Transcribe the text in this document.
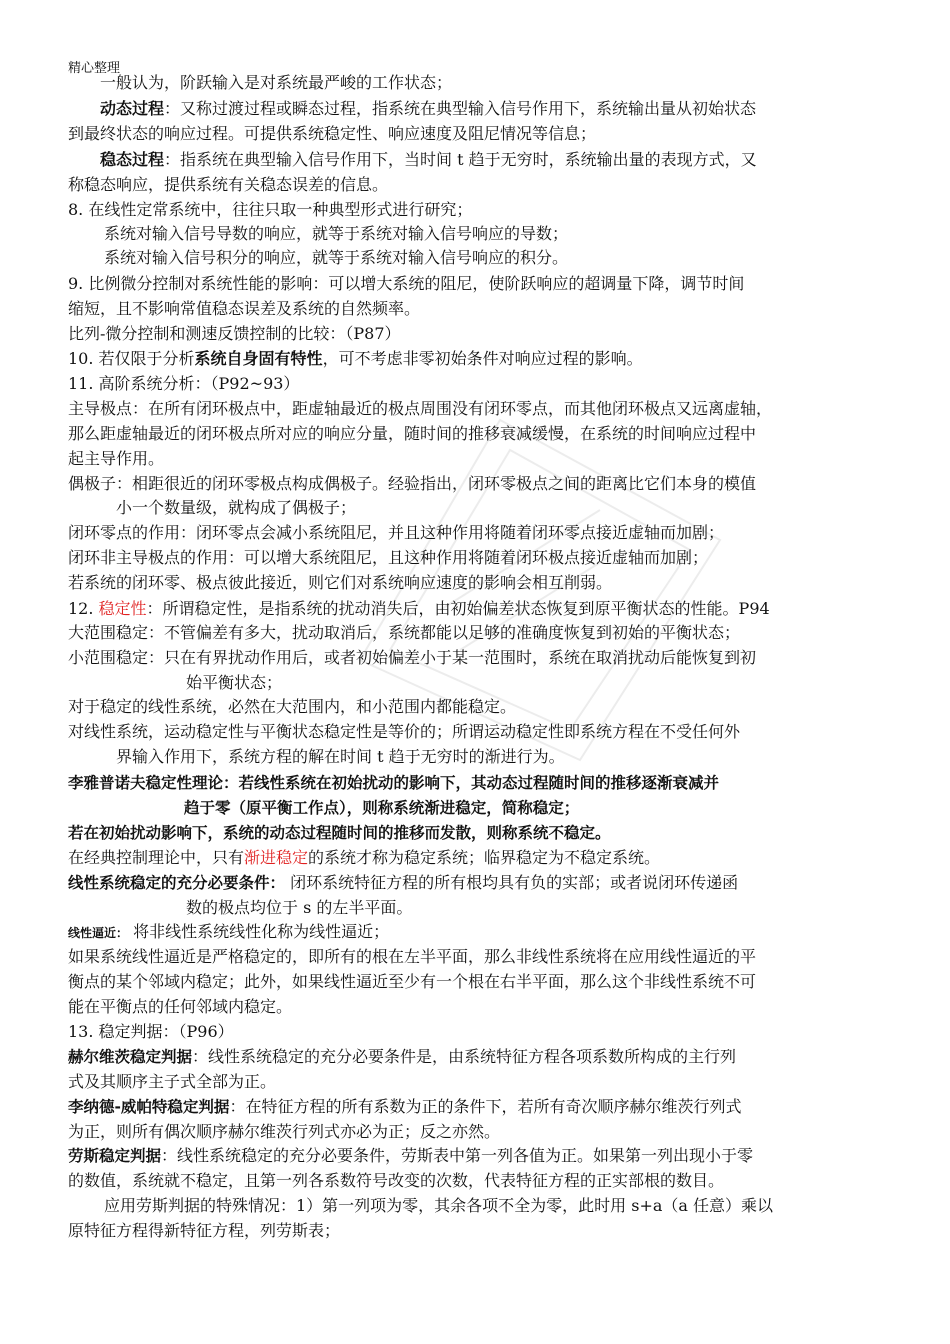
精心整理
一般认为，阶跃输入是对系统最严峻的工作状态；
动态过程：又称过渡过程或瞬态过程，指系统在典型输入信号作用下，系统输出量从初始状态
到最终状态的响应过程。可提供系统稳定性、响应速度及阻尼情况等信息；
稳态过程：指系统在典型输入信号作用下，当时间 t 趋于无穷时，系统输出量的表现方式，又
称稳态响应，提供系统有关稳态误差的信息。
8. 在线性定常系统中，往往只取一种典型形式进行研究；
系统对输入信号导数的响应，就等于系统对输入信号响应的导数；
系统对输入信号积分的响应，就等于系统对输入信号响应的积分。
9. 比例微分控制对系统性能的影响：可以增大系统的阻尼，使阶跃响应的超调量下降，调节时间
缩短，且不影响常值稳态误差及系统的自然频率。
比列-微分控制和测速反馈控制的比较：（P87）
10. 若仅限于分析系统自身固有特性，可不考虑非零初始条件对响应过程的影响。
11. 高阶系统分析：（P92~93）
主导极点：在所有闭环极点中，距虚轴最近的极点周围没有闭环零点，而其他闭环极点又远离虚轴，
那么距虚轴最近的闭环极点所对应的响应分量，随时间的推移衰减缓慢，在系统的时间响应过程中
起主导作用。
偶极子：相距很近的闭环零极点构成偶极子。经验指出，闭环零极点之间的距离比它们本身的模值
小一个数量级，就构成了偶极子；
闭环零点的作用：闭环零点会减小系统阻尼，并且这种作用将随着闭环零点接近虚轴而加剧；
闭环非主导极点的作用：可以增大系统阻尼，且这种作用将随着闭环极点接近虚轴而加剧；
若系统的闭环零、极点彼此接近，则它们对系统响应速度的影响会相互削弱。
12. 稳定性：所谓稳定性，是指系统的扰动消失后，由初始偏差状态恢复到原平衡状态的性能。P94
大范围稳定：不管偏差有多大，扰动取消后，系统都能以足够的准确度恢复到初始的平衡状态；
小范围稳定：只在有界扰动作用后，或者初始偏差小于某一范围时，系统在取消扰动后能恢复到初
始平衡状态；
对于稳定的线性系统，必然在大范围内，和小范围内都能稳定。
对线性系统，运动稳定性与平衡状态稳定性是等价的；所谓运动稳定性即系统方程在不受任何外
界输入作用下，系统方程的解在时间 t 趋于无穷时的渐进行为。
李雅普诺夫稳定性理论：若线性系统在初始扰动的影响下，其动态过程随时间的推移逐渐衰减并
趋于零（原平衡工作点），则称系统渐进稳定，简称稳定；
若在初始扰动影响下，系统的动态过程随时间的推移而发散，则称系统不稳定。
在经典控制理论中，只有渐进稳定的系统才称为稳定系统；临界稳定为不稳定系统。
线性系统稳定的充分必要条件： 闭环系统特征方程的所有根均具有负的实部；或者说闭环传递函
数的极点均位于 s 的左半平面。
线性逼近： 将非线性系统线性化称为线性逼近；
如果系统线性逼近是严格稳定的，即所有的根在左半平面，那么非线性系统将在应用线性逼近的平
衡点的某个邻域内稳定；此外，如果线性逼近至少有一个根在右半平面，那么这个非线性系统不可
能在平衡点的任何邻域内稳定。
13. 稳定判据：（P96）
赫尔维茨稳定判据：线性系统稳定的充分必要条件是，由系统特征方程各项系数所构成的主行列
式及其顺序主子式全部为正。
李纳德-威帕特稳定判据：在特征方程的所有系数为正的条件下，若所有奇次顺序赫尔维茨行列式
为正，则所有偶次顺序赫尔维茨行列式亦必为正；反之亦然。
劳斯稳定判据：线性系统稳定的充分必要条件，劳斯表中第一列各值为正。如果第一列出现小于零
的数值，系统就不稳定，且第一列各系数符号改变的次数，代表特征方程的正实部根的数目。
应用劳斯判据的特殊情况：1）第一列项为零，其余各项不全为零，此时用 s+a（a 任意）乘以
原特征方程得新特征方程，列劳斯表；
